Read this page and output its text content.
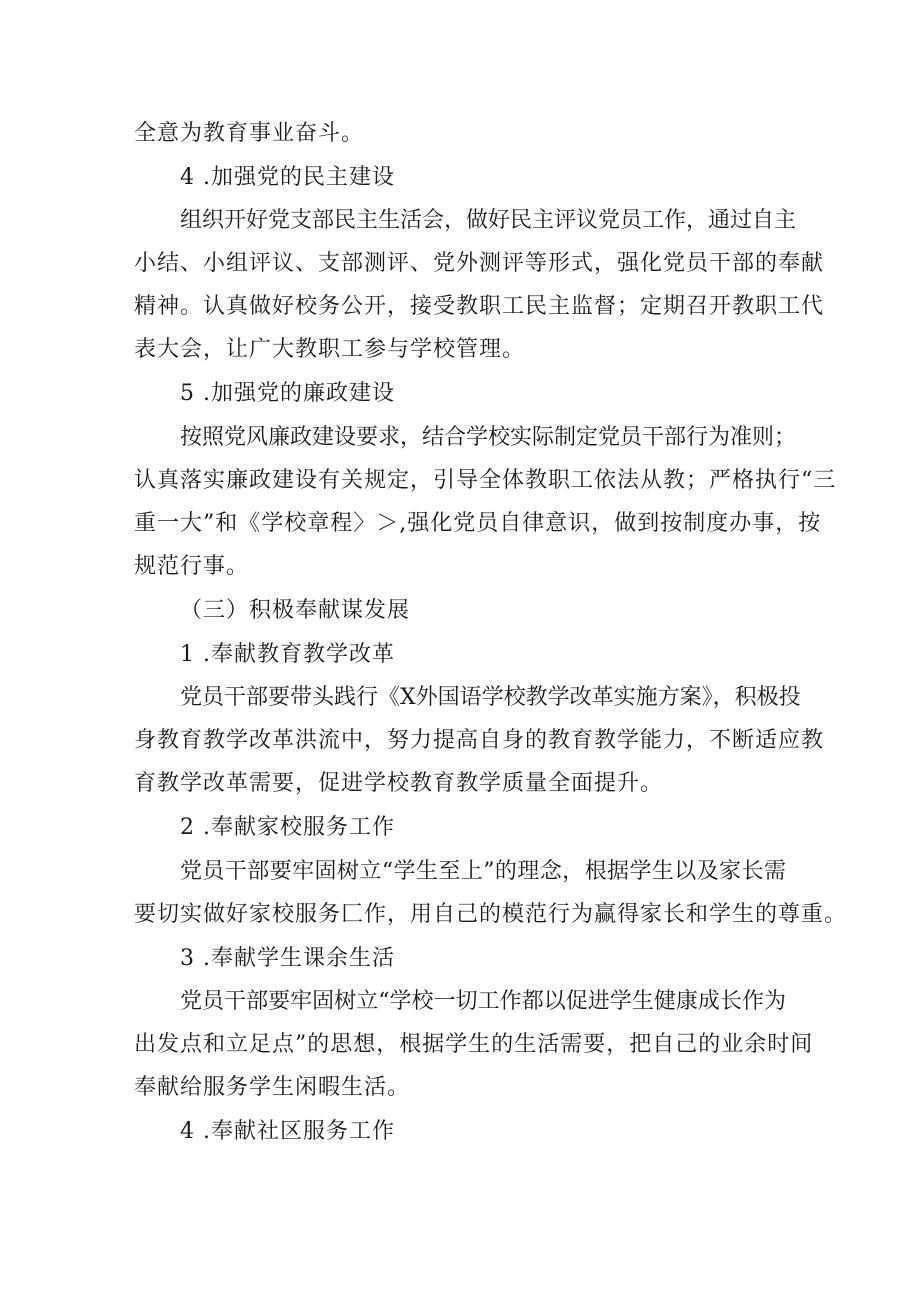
全意为教育事业奋斗。

4 .加强党的民主建设

组织开好党支部民主生活会，做好民主评议党员工作，通过自主

小结、小组评议、支部测评、党外测评等形式，强化党员干部的奉献

精神。认真做好校务公开，接受教职工民主监督；定期召开教职工代

表大会，让广大教职工参与学校管理。

5 .加强党的廉政建设

按照党风廉政建设要求，结合学校实际制定党员干部行为准则；

认真落实廉政建设有关规定，引导全体教职工依法从教；严格执行“三

重一大”和《学校章程〉＞,强化党员自律意识，做到按制度办事，按

规范行事。

（三）积极奉献谋发展

1 .奉献教育教学改革

党员干部要带头践行《X外国语学校教学改革实施方案》，积极投

身教育教学改革洪流中，努力提高自身的教育教学能力，不断适应教

育教学改革需要，促进学校教育教学质量全面提升。

2 .奉献家校服务工作

党员干部要牢固树立“学生至上”的理念，根据学生以及家长需

要切实做好家校服务匚作，用自己的模范行为赢得家长和学生的尊重。

3 .奉献学生课余生活

党员干部要牢固树立“学校一切工作都以促进学生健康成长作为

出发点和立足点”的思想，根据学生的生活需要，把自己的业余时间

奉献给服务学生闲暇生活。

4 .奉献社区服务工作
